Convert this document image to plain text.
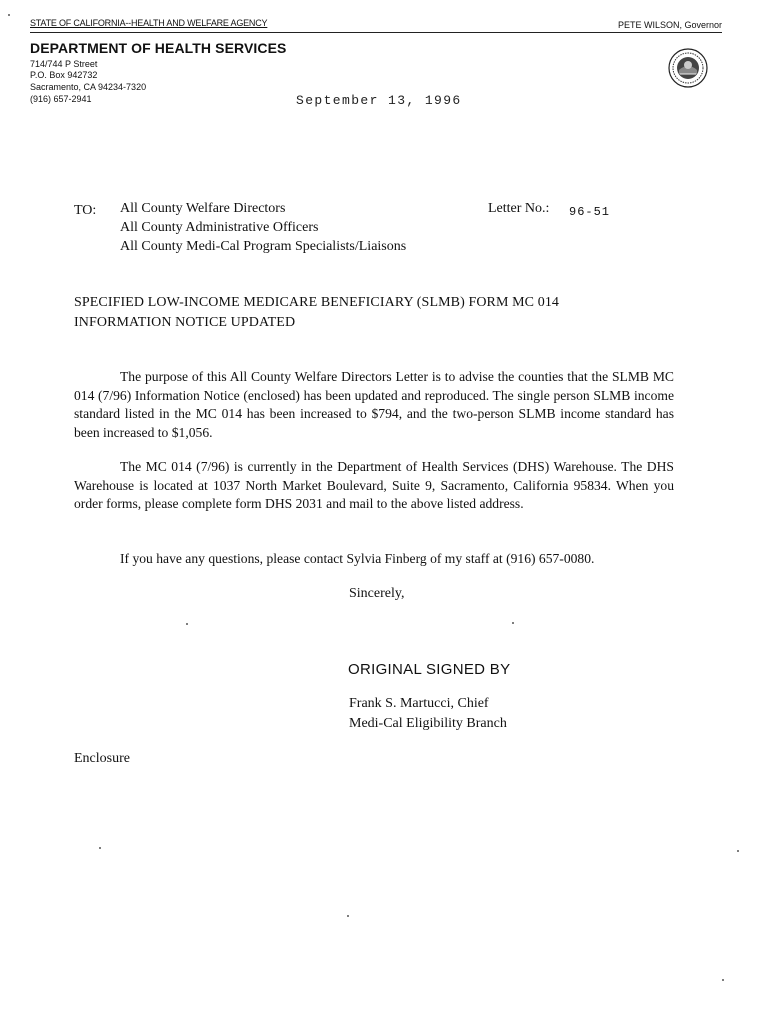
STATE OF CALIFORNIA--HEALTH AND WELFARE AGENCY	PETE WILSON, Governor
DEPARTMENT OF HEALTH SERVICES
714/744 P Street
P.O. Box 942732
Sacramento, CA 94234-7320
(916) 657-2941	September 13, 1996
TO: All County Welfare Directors
All County Administrative Officers
All County Medi-Cal Program Specialists/Liaisons
Letter No.: 96-51
SPECIFIED LOW-INCOME MEDICARE BENEFICIARY (SLMB) FORM MC 014 INFORMATION NOTICE UPDATED
The purpose of this All County Welfare Directors Letter is to advise the counties that the SLMB MC 014 (7/96) Information Notice (enclosed) has been updated and reproduced. The single person SLMB income standard listed in the MC 014 has been increased to $794, and the two-person SLMB income standard has been increased to $1,056.
The MC 014 (7/96) is currently in the Department of Health Services (DHS) Warehouse. The DHS Warehouse is located at 1037 North Market Boulevard, Suite 9, Sacramento, California 95834. When you order forms, please complete form DHS 2031 and mail to the above listed address.
If you have any questions, please contact Sylvia Finberg of my staff at (916) 657-0080.
Sincerely,
ORIGINAL SIGNED BY
Frank S. Martucci, Chief
Medi-Cal Eligibility Branch
Enclosure
